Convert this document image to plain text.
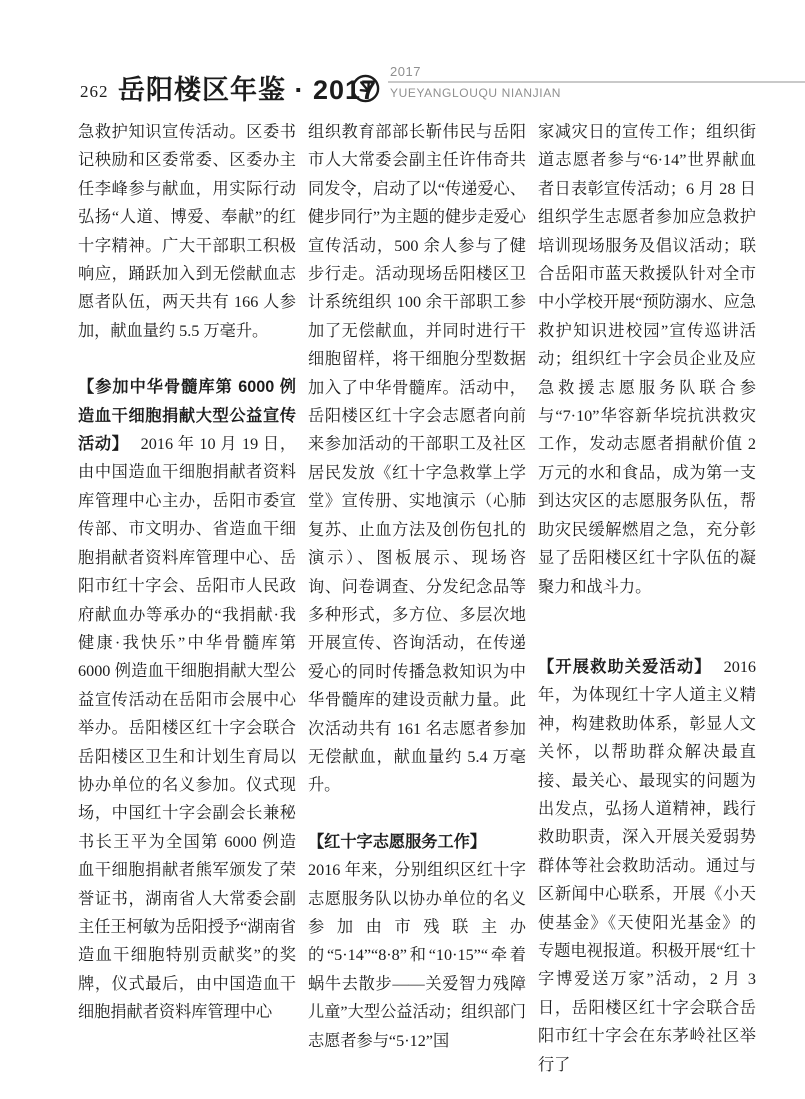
262 岳阳楼区年鉴 · 2017
2017
YUEYANGLOUQU NIANJIAN

急救护知识宣传活动。区委书记秧励和区委常委、区委办主任李峰参与献血，用实际行动弘扬“人道、博爱、奉献”的红十字精神。广大干部职工积极响应，踊跃加入到无偿献血志愿者队伍，两天共有 166 人参加，献血量约 5.5 万毫升。

【参加中华骨髓库第 6000 例造血干细胞捐献大型公益宣传活动】 2016 年 10 月 19 日，由中国造血干细胞捐献者资料库管理中心主办，岳阳市委宣传部、市文明办、省造血干细胞捐献者资料库管理中心、岳阳市红十字会、岳阳市人民政府献血办等承办的“我捐献·我健康·我快乐”中华骨髓库第 6000 例造血干细胞捐献大型公益宣传活动在岳阳市会展中心举办。岳阳楼区红十字会联合岳阳楼区卫生和计划生育局以协办单位的名义参加。仪式现场，中国红十字会副会长兼秘书长王平为全国第 6000 例造血干细胞捐献者熊军颁发了荣誉证书，湖南省人大常委会副主任王柯敏为岳阳授予“湖南省造血干细胞特别贡献奖”的奖牌，仪式最后，由中国造血干细胞捐献者资料库管理中心

组织教育部部长靳伟民与岳阳市人大常委会副主任许伟奇共同发令，启动了以“传递爱心、健步同行”为主题的健步走爱心宣传活动，500 余人参与了健步行走。活动现场岳阳楼区卫计系统组织 100 余干部职工参加了无偿献血，并同时进行干细胞留样，将干细胞分型数据加入了中华骨髓库。活动中，岳阳楼区红十字会志愿者向前来参加活动的干部职工及社区居民发放《红十字急救掌上学堂》宣传册、实地演示（心肺复苏、止血方法及创伤包扎的演示）、图板展示、现场咨询、问卷调查、分发纪念品等多种形式，多方位、多层次地开展宣传、咨询活动，在传递爱心的同时传播急救知识为中华骨髓库的建设贡献力量。此次活动共有 161 名志愿者参加无偿献血，献血量约 5.4 万毫升。

【红十字志愿服务工作】
2016 年来，分别组织区红十字志愿服务队以协办单位的名义参加由市残联主办的“5·14”“8·8”和“10·15”“牵着蜗牛去散步——关爱智力残障儿童”大型公益活动；组织部门志愿者参与“5·12”国

家减灾日的宣传工作；组织街道志愿者参与“6·14”世界献血者日表彰宣传活动；6 月 28 日组织学生志愿者参加应急救护培训现场服务及倡议活动；联合岳阳市蓝天救援队针对全市中小学校开展“预防溺水、应急救护知识进校园”宣传巡讲活动；组织红十字会员企业及应急救援志愿服务队联合参与“7·10”华容新华垸抗洪救灾工作，发动志愿者捐献价值 2 万元的水和食品，成为第一支到达灾区的志愿服务队伍，帮助灾民缓解燃眉之急，充分彰显了岳阳楼区红十字队伍的凝聚力和战斗力。

【开展救助关爱活动】 2016 年，为体现红十字人道主义精神，构建救助体系，彰显人文关怀，以帮助群众解决最直接、最关心、最现实的问题为出发点，弘扬人道精神，践行救助职责，深入开展关爱弱势群体等社会救助活动。通过与区新闻中心联系，开展《小天使基金》《天使阳光基金》的专题电视报道。积极开展“红十字博爱送万家”活动，2 月 3 日，岳阳楼区红十字会联合岳阳市红十字会在东茅岭社区举行了
